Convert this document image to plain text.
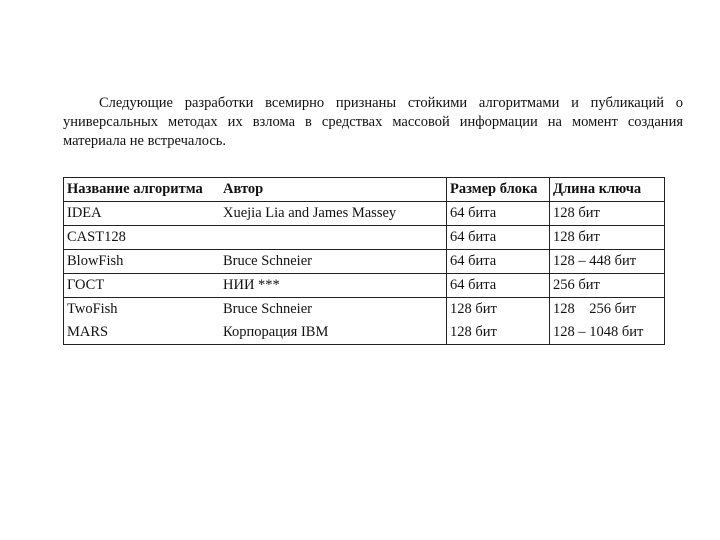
Следующие разработки всемирно признаны стойкими алгоритмами и публикаций о универсальных методах их взлома в средствах массовой информации на момент создания материала не встречалось.

Название алгоритма	Автор	Размер блока	Длина ключа
IDEA	Xuejia Lia and James Massey	64 бита	128 бит
CAST128		64 бита	128 бит
BlowFish	Bruce Schneier	64 бита	128 – 448 бит
ГОСТ	НИИ ***	64 бита	256 бит
TwoFish	Bruce Schneier	128 бит	128    256 бит
MARS	Корпорация IBM	128 бит	128 – 1048 бит
